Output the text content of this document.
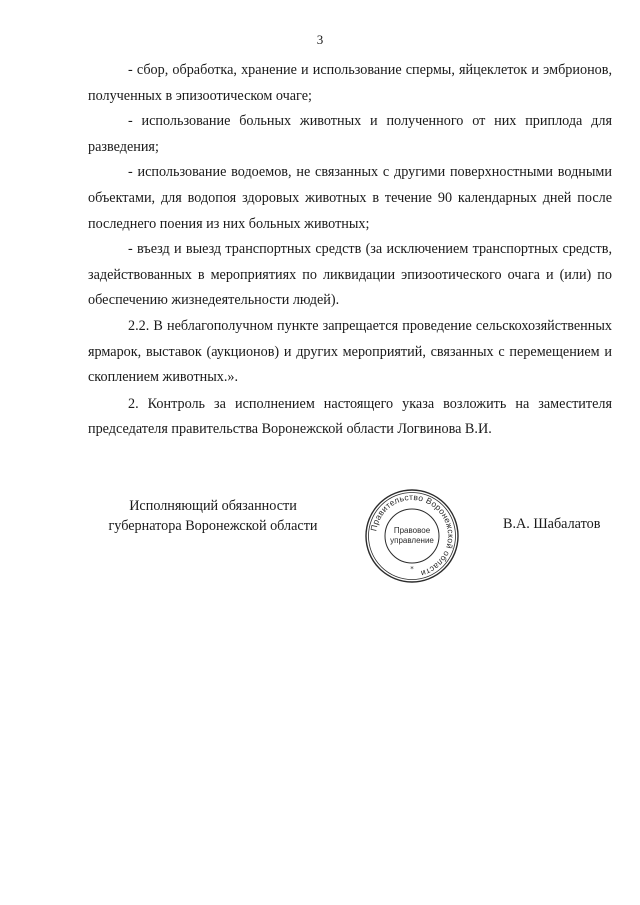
3

- сбор, обработка, хранение и использование спермы, яйцеклеток и эмбрионов, полученных в эпизоотическом очаге;

- использование больных животных и полученного от них приплода для разведения;

- использование водоемов, не связанных с другими поверхностными водными объектами, для водопоя здоровых животных в течение 90 календарных дней после последнего поения из них больных животных;

- въезд и выезд транспортных средств (за исключением транспортных средств, задействованных в мероприятиях по ликвидации эпизоотического очага и (или) по обеспечению жизнедеятельности людей).

2.2. В неблагополучном пункте запрещается проведение сельскохозяйственных ярмарок, выставок (аукционов) и других мероприятий, связанных с перемещением и скоплением животных.».

2. Контроль за исполнением настоящего указа возложить на заместителя председателя правительства Воронежской области Логвинова В.И.

Исполняющий обязанности
губернатора Воронежской области	Правительство Воронежской области
Правовое
управление
*
В.А. Шабалатов
